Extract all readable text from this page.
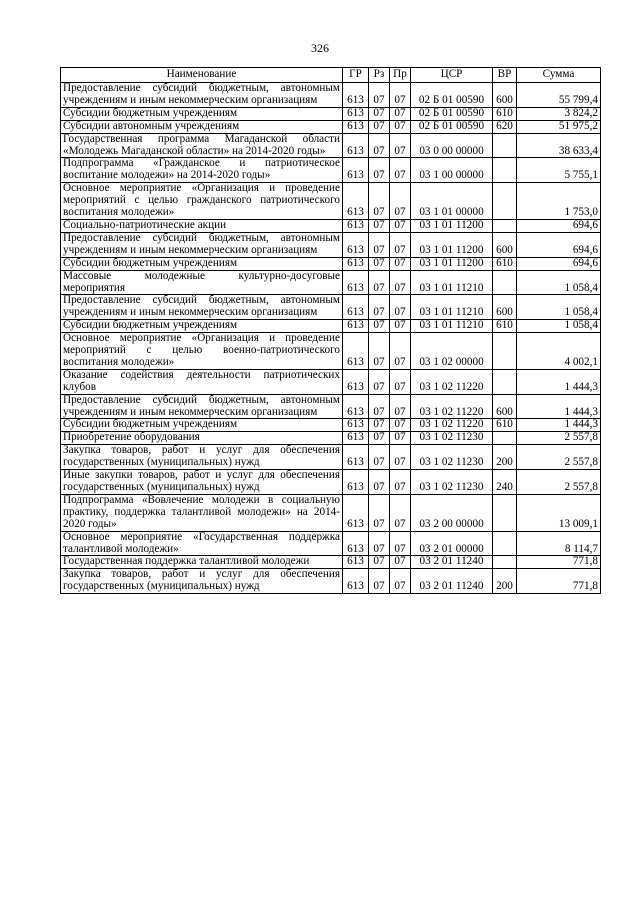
326
Наименование	ГР	Рз	Пр	ЦСР	ВР	Сумма
Предоставление субсидий бюджетным, автономным учреждениям и иным некоммерческим организациям	613	07	07	02 Б 01 00590	600	55 799,4
Субсидии бюджетным учреждениям	613	07	07	02 Б 01 00590	610	3 824,2
Субсидии автономным учреждениям	613	07	07	02 Б 01 00590	620	51 975,2
Государственная программа Магаданской области «Молодежь Магаданской области» на 2014-2020 годы»	613	07	07	03 0 00 00000		38 633,4
Подпрограмма «Гражданское и патриотическое воспитание молодежи» на 2014-2020 годы»	613	07	07	03 1 00 00000		5 755,1
Основное мероприятие «Организация и проведение мероприятий с целью гражданского патриотического воспитания молодежи»	613	07	07	03 1 01 00000		1 753,0
Социально-патриотические акции	613	07	07	03 1 01 11200		694,6
Предоставление субсидий бюджетным, автономным учреждениям и иным некоммерческим организациям	613	07	07	03 1 01 11200	600	694,6
Субсидии бюджетным учреждениям	613	07	07	03 1 01 11200	610	694,6
Массовые молодежные культурно-досуговые мероприятия	613	07	07	03 1 01 11210		1 058,4
Предоставление субсидий бюджетным, автономным учреждениям и иным некоммерческим организациям	613	07	07	03 1 01 11210	600	1 058,4
Субсидии бюджетным учреждениям	613	07	07	03 1 01 11210	610	1 058,4
Основное мероприятие «Организация и проведение мероприятий с целью военно-патриотического воспитания молодежи»	613	07	07	03 1 02 00000		4 002,1
Оказание содействия деятельности патриотических клубов	613	07	07	03 1 02 11220		1 444,3
Предоставление субсидий бюджетным, автономным учреждениям и иным некоммерческим организациям	613	07	07	03 1 02 11220	600	1 444,3
Субсидии бюджетным учреждениям	613	07	07	03 1 02 11220	610	1 444,3
Приобретение оборудования	613	07	07	03 1 02 11230		2 557,8
Закупка товаров, работ и услуг для обеспечения государственных (муниципальных) нужд	613	07	07	03 1 02 11230	200	2 557,8
Иные закупки товаров, работ и услуг для обеспечения государственных (муниципальных) нужд	613	07	07	03 1 02 11230	240	2 557,8
Подпрограмма «Вовлечение молодежи в социальную практику, поддержка талантливой молодежи» на 2014-2020 годы»	613	07	07	03 2 00 00000		13 009,1
Основное мероприятие «Государственная поддержка талантливой молодежи»	613	07	07	03 2 01 00000		8 114,7
Государственная поддержка талантливой молодежи	613	07	07	03 2 01 11240		771,8
Закупка товаров, работ и услуг для обеспечения государственных (муниципальных) нужд	613	07	07	03 2 01 11240	200	771,8
